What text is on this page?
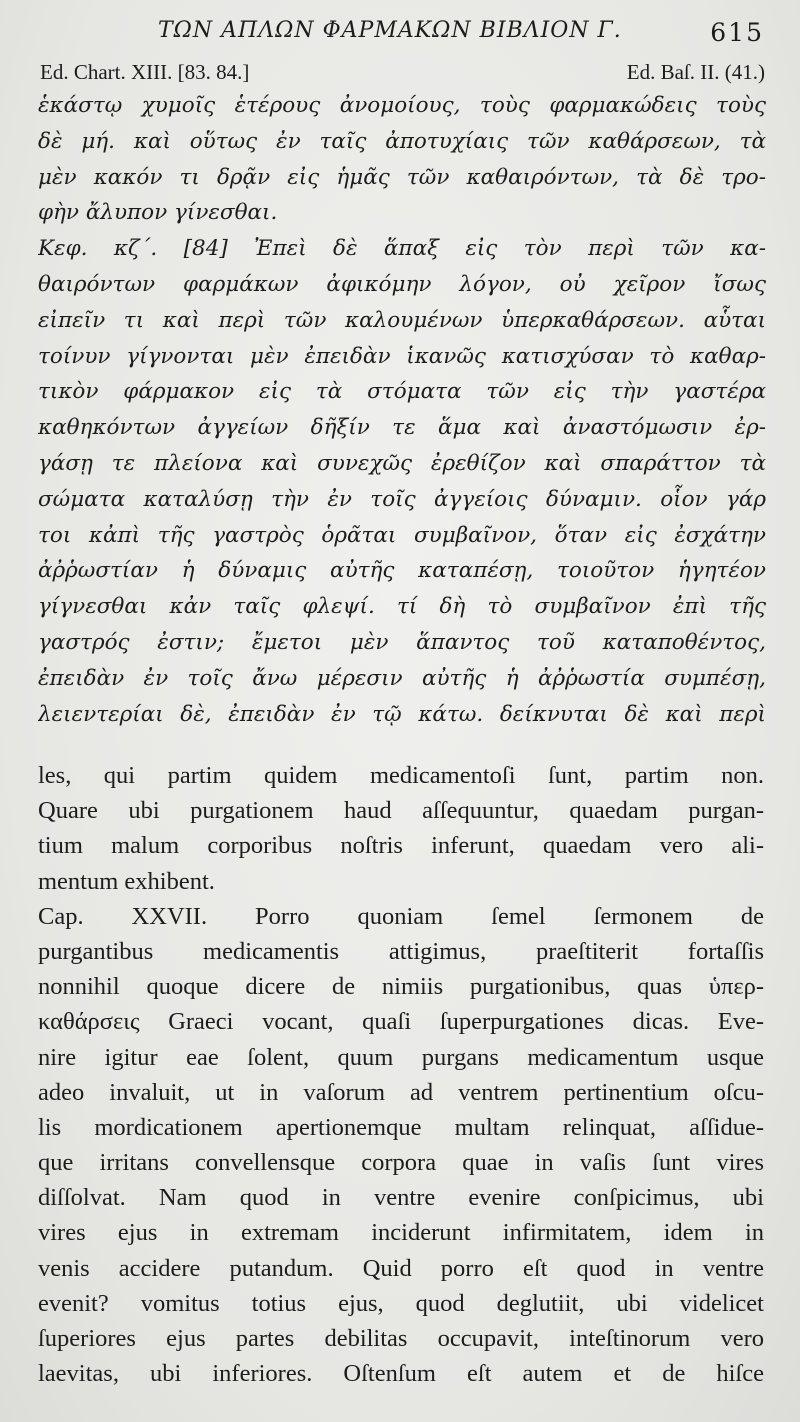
ΤΩΝ ΑΠΛΩΝ ΦΑΡΜΑΚΩΝ ΒΙΒΛΙΟΝ Γ.	615
Ed. Chart. XIII. [83. 84.]	Ed. Baſ. II. (41.)
ἑκάστῳ χυμοῖς ἑτέρους ἀνομοίους, τοὺς φαρμακώδεις τοὺς
δὲ μή. καὶ οὕτως ἐν ταῖς ἀποτυχίαις τῶν καθάρσεων, τὰ
μὲν κακόν τι δρᾷν εἰς ἡμᾶς τῶν καθαιρόντων, τὰ δὲ τρο-
φὴν ἄλυπον γίνεσθαι.
Κεφ. κζ΄. [84] Ἐπεὶ δὲ ἅπαξ εἰς τὸν περὶ τῶν κα-
θαιρόντων φαρμάκων ἀφικόμην λόγον, οὐ χεῖρον ἴσως
εἰπεῖν τι καὶ περὶ τῶν καλουμένων ὑπερκαθάρσεων. αὗται
τοίνυν γίγνονται μὲν ἐπειδὰν ἱκανῶς κατισχύσαν τὸ καθαρ-
τικὸν φάρμακον εἰς τὰ στόματα τῶν εἰς τὴν γαστέρα
καθηκόντων ἀγγείων δῆξίν τε ἅμα καὶ ἀναστόμωσιν ἐρ-
γάσῃ τε πλείονα καὶ συνεχῶς ἐρεθίζον καὶ σπαράττον τὰ
σώματα καταλύσῃ τὴν ἐν τοῖς ἀγγείοις δύναμιν. οἷον γάρ
τοι κἀπὶ τῆς γαστρὸς ὁρᾶται συμβαῖνον, ὅταν εἰς ἐσχάτην
ἀῤῥωστίαν ἡ δύναμις αὐτῆς καταπέσῃ, τοιοῦτον ἡγητέον
γίγνεσθαι κἀν ταῖς φλεψί. τί δὴ τὸ συμβαῖνον ἐπὶ τῆς
γαστρός ἐστιν; ἔμετοι μὲν ἅπαντος τοῦ καταποθέντος,
ἐπειδὰν ἐν τοῖς ἄνω μέρεσιν αὐτῆς ἡ ἀῤῥωστία συμπέσῃ,
λειεντερίαι δὲ, ἐπειδὰν ἐν τῷ κάτω. δείκνυται δὲ καὶ περὶ
les, qui partim quidem medicamentoſi ſunt, partim non.
Quare ubi purgationem haud aſſequuntur, quaedam purgan-
tium malum corporibus noſtris inferunt, quaedam vero ali-
mentum exhibent.
Cap. XXVII. Porro quoniam ſemel ſermonem de
purgantibus medicamentis attigimus, praeſtiterit fortaſſis
nonnihil quoque dicere de nimiis purgationibus, quas ὑπερ-
καθάρσεις Graeci vocant, quaſi ſuperpurgationes dicas. Eve-
nire igitur eae ſolent, quum purgans medicamentum usque
adeo invaluit, ut in vaſorum ad ventrem pertinentium oſcu-
lis mordicationem apertionemque multam relinquat, aſſidue-
que irritans convellensque corpora quae in vaſis ſunt vires
diſſolvat. Nam quod in ventre evenire conſpicimus, ubi
vires ejus in extremam inciderunt infirmitatem, idem in
venis accidere putandum. Quid porro eſt quod in ventre
evenit? vomitus totius ejus, quod deglutiit, ubi videlicet
ſuperiores ejus partes debilitas occupavit, inteſtinorum vero
laevitas, ubi inferiores. Oſtenſum eſt autem et de hiſce
